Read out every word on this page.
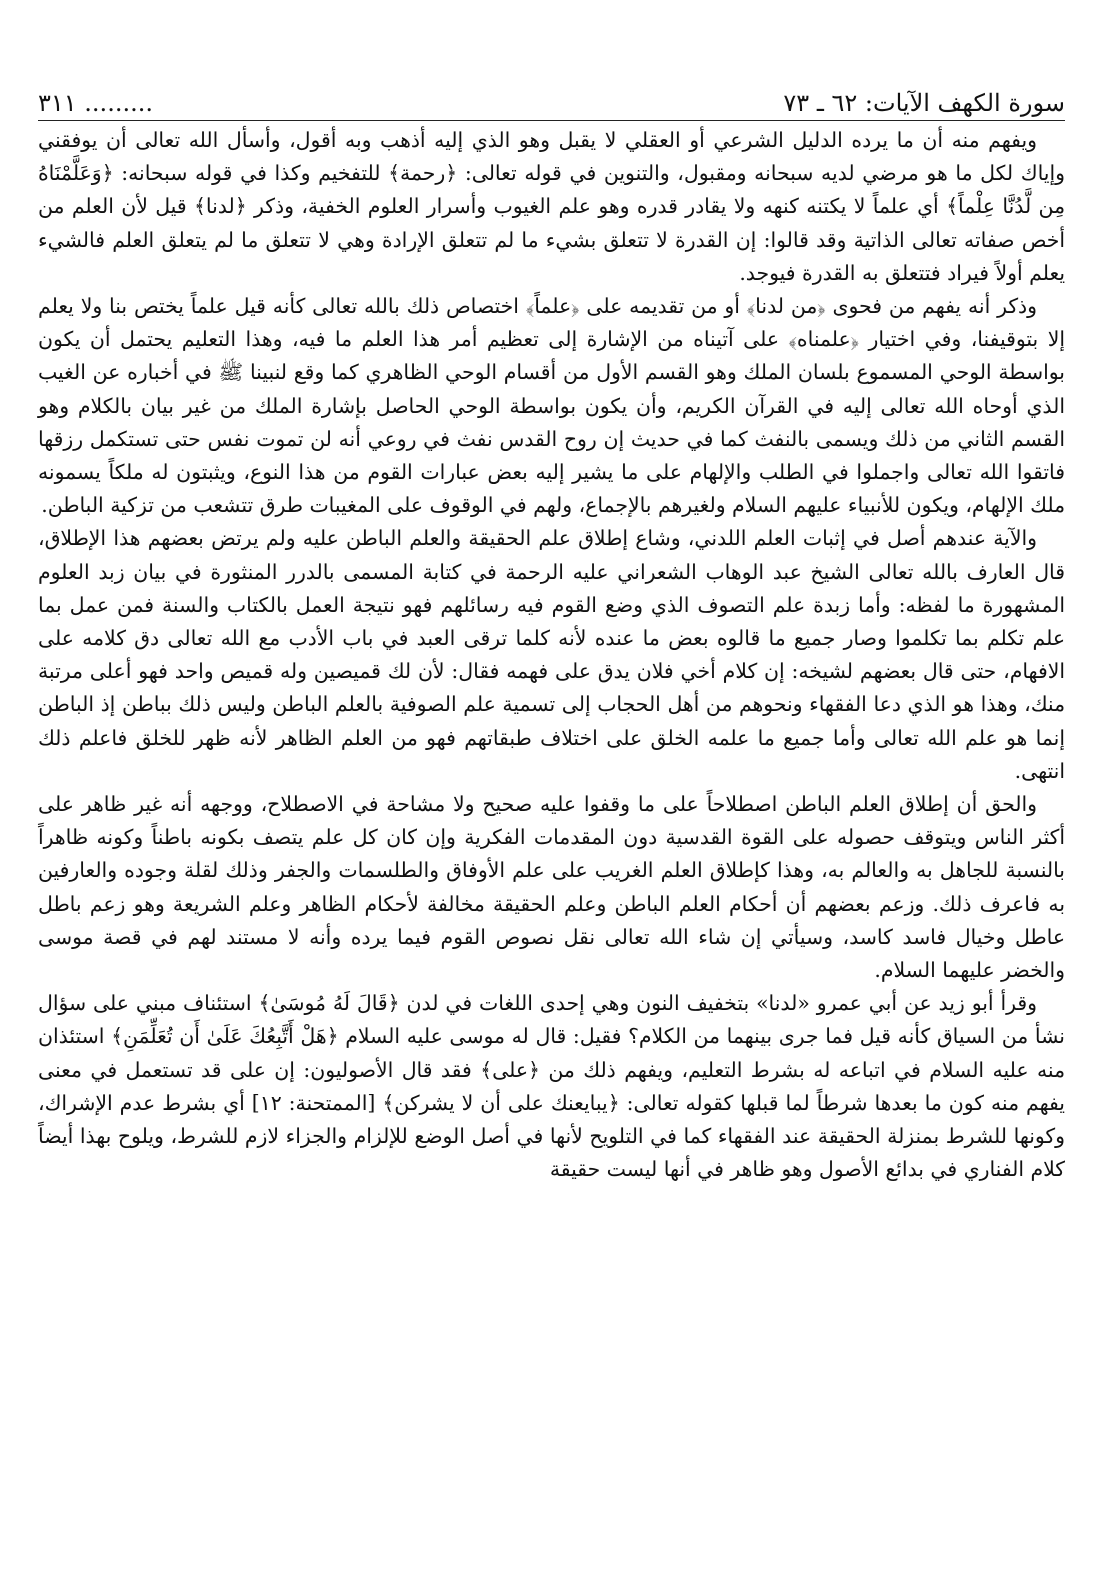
سورة الكهف الآيات: ٦٢ ـ ٧٣
......... ٣١١

ويفهم منه أن ما يرده الدليل الشرعي أو العقلي لا يقبل وهو الذي إليه أذهب وبه أقول، وأسأل الله تعالى أن يوفقني وإياك لكل ما هو مرضي لديه سبحانه ومقبول، والتنوين في قوله تعالى: ﴿رحمة﴾ للتفخيم وكذا في قوله سبحانه: ﴿وَعَلَّمْنَاهُ مِن لَّدُنَّا عِلْماً﴾ أي علماً لا يكتنه كنهه ولا يقادر قدره وهو علم الغيوب وأسرار العلوم الخفية، وذكر ﴿لدنا﴾ قيل لأن العلم من أخص صفاته تعالى الذاتية وقد قالوا: إن القدرة لا تتعلق بشيء ما لم تتعلق الإرادة وهي لا تتعلق ما لم يتعلق العلم فالشيء يعلم أولاً فيراد فتتعلق به القدرة فيوجد.

وذكر أنه يفهم من فحوى ﴿من لدنا﴾ أو من تقديمه على ﴿علماً﴾ اختصاص ذلك بالله تعالى كأنه قيل علماً يختص بنا ولا يعلم إلا بتوقيفنا، وفي اختيار ﴿علمناه﴾ على آتيناه من الإشارة إلى تعظيم أمر هذا العلم ما فيه، وهذا التعليم يحتمل أن يكون بواسطة الوحي المسموع بلسان الملك وهو القسم الأول من أقسام الوحي الظاهري كما وقع لنبينا ﷺ في أخباره عن الغيب الذي أوحاه الله تعالى إليه في القرآن الكريم، وأن يكون بواسطة الوحي الحاصل بإشارة الملك من غير بيان بالكلام وهو القسم الثاني من ذلك ويسمى بالنفث كما في حديث إن روح القدس نفث في روعي أنه لن تموت نفس حتى تستكمل رزقها فاتقوا الله تعالى واجملوا في الطلب والإلهام على ما يشير إليه بعض عبارات القوم من هذا النوع، ويثبتون له ملكاً يسمونه ملك الإلهام، ويكون للأنبياء عليهم السلام ولغيرهم بالإجماع، ولهم في الوقوف على المغيبات طرق تتشعب من تزكية الباطن.

والآية عندهم أصل في إثبات العلم اللدني، وشاع إطلاق علم الحقيقة والعلم الباطن عليه ولم يرتض بعضهم هذا الإطلاق، قال العارف بالله تعالى الشيخ عبد الوهاب الشعراني عليه الرحمة في كتابة المسمى بالدرر المنثورة في بيان زبد العلوم المشهورة ما لفظه: وأما زبدة علم التصوف الذي وضع القوم فيه رسائلهم فهو نتيجة العمل بالكتاب والسنة فمن عمل بما علم تكلم بما تكلموا وصار جميع ما قالوه بعض ما عنده لأنه كلما ترقى العبد في باب الأدب مع الله تعالى دق كلامه على الافهام، حتى قال بعضهم لشيخه: إن كلام أخي فلان يدق على فهمه فقال: لأن لك قميصين وله قميص واحد فهو أعلى مرتبة منك، وهذا هو الذي دعا الفقهاء ونحوهم من أهل الحجاب إلى تسمية علم الصوفية بالعلم الباطن وليس ذلك بباطن إذ الباطن إنما هو علم الله تعالى وأما جميع ما علمه الخلق على اختلاف طبقاتهم فهو من العلم الظاهر لأنه ظهر للخلق فاعلم ذلك انتهى.

والحق أن إطلاق العلم الباطن اصطلاحاً على ما وقفوا عليه صحيح ولا مشاحة في الاصطلاح، ووجهه أنه غير ظاهر على أكثر الناس ويتوقف حصوله على القوة القدسية دون المقدمات الفكرية وإن كان كل علم يتصف بكونه باطناً وكونه ظاهراً بالنسبة للجاهل به والعالم به، وهذا كإطلاق العلم الغريب على علم الأوفاق والطلسمات والجفر وذلك لقلة وجوده والعارفين به فاعرف ذلك. وزعم بعضهم أن أحكام العلم الباطن وعلم الحقيقة مخالفة لأحكام الظاهر وعلم الشريعة وهو زعم باطل عاطل وخيال فاسد كاسد، وسيأتي إن شاء الله تعالى نقل نصوص القوم فيما يرده وأنه لا مستند لهم في قصة موسى والخضر عليهما السلام.

وقرأ أبو زيد عن أبي عمرو «لدنا» بتخفيف النون وهي إحدى اللغات في لدن ﴿قَالَ لَهُ مُوسَىٰ﴾ استئناف مبني على سؤال نشأ من السياق كأنه قيل فما جرى بينهما من الكلام؟ فقيل: قال له موسى عليه السلام ﴿هَلْ أَتَّبِعُكَ عَلَىٰ أَن تُعَلِّمَنِ﴾ استئذان منه عليه السلام في اتباعه له بشرط التعليم، ويفهم ذلك من ﴿على﴾ فقد قال الأصوليون: إن على قد تستعمل في معنى يفهم منه كون ما بعدها شرطاً لما قبلها كقوله تعالى: ﴿يبايعنك على أن لا يشركن﴾ [الممتحنة: ١٢] أي بشرط عدم الإشراك، وكونها للشرط بمنزلة الحقيقة عند الفقهاء كما في التلويح لأنها في أصل الوضع للإلزام والجزاء لازم للشرط، ويلوح بهذا أيضاً كلام الفناري في بدائع الأصول وهو ظاهر في أنها ليست حقيقة
